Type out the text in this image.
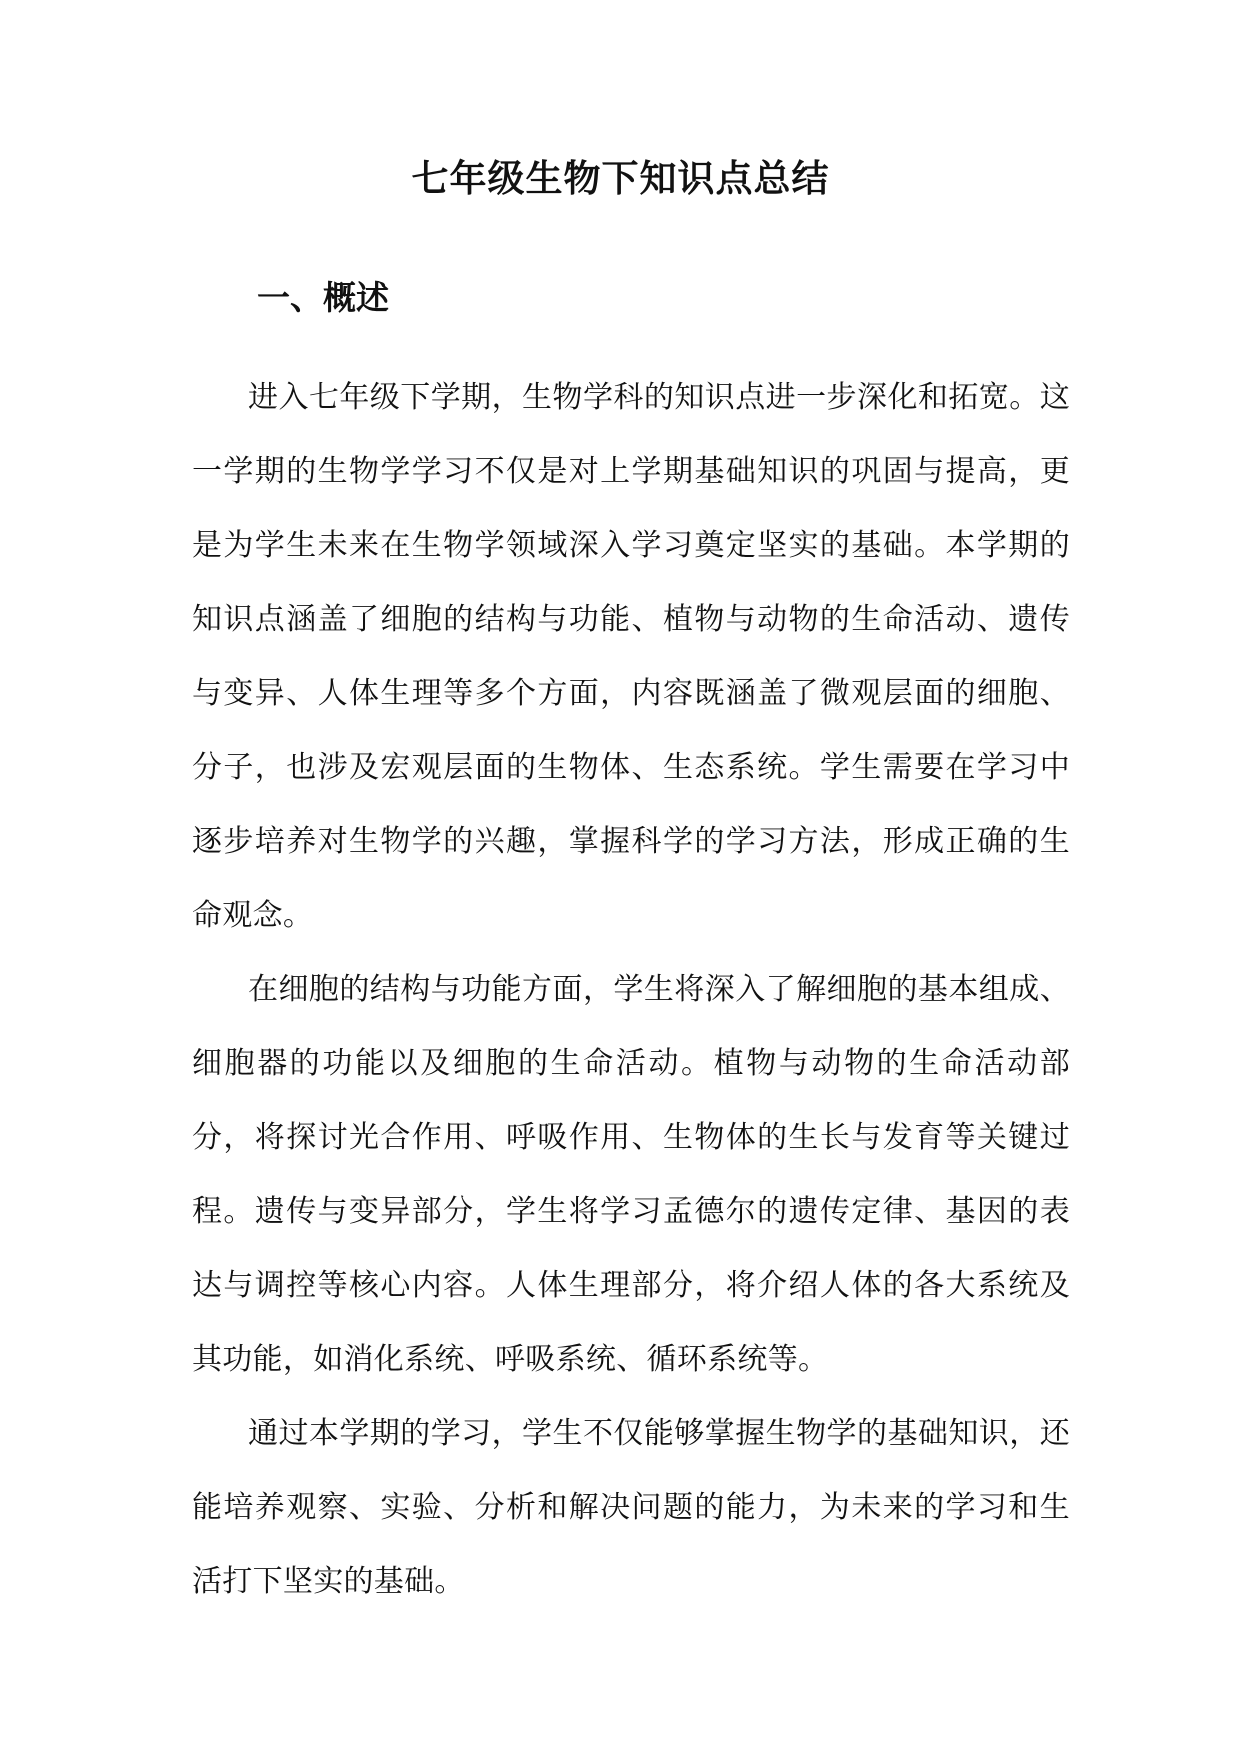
七年级生物下知识点总结
一、概述

进入七年级下学期，生物学科的知识点进一步深化和拓宽。这一学期的生物学学习不仅是对上学期基础知识的巩固与提高，更是为学生未来在生物学领域深入学习奠定坚实的基础。本学期的知识点涵盖了细胞的结构与功能、植物与动物的生命活动、遗传与变异、人体生理等多个方面，内容既涵盖了微观层面的细胞、分子，也涉及宏观层面的生物体、生态系统。学生需要在学习中逐步培养对生物学的兴趣，掌握科学的学习方法，形成正确的生命观念。

在细胞的结构与功能方面，学生将深入了解细胞的基本组成、细胞器的功能以及细胞的生命活动。植物与动物的生命活动部分，将探讨光合作用、呼吸作用、生物体的生长与发育等关键过程。遗传与变异部分，学生将学习孟德尔的遗传定律、基因的表达与调控等核心内容。人体生理部分，将介绍人体的各大系统及其功能，如消化系统、呼吸系统、循环系统等。

通过本学期的学习，学生不仅能够掌握生物学的基础知识，还能培养观察、实验、分析和解决问题的能力，为未来的学习和生活打下坚实的基础。
